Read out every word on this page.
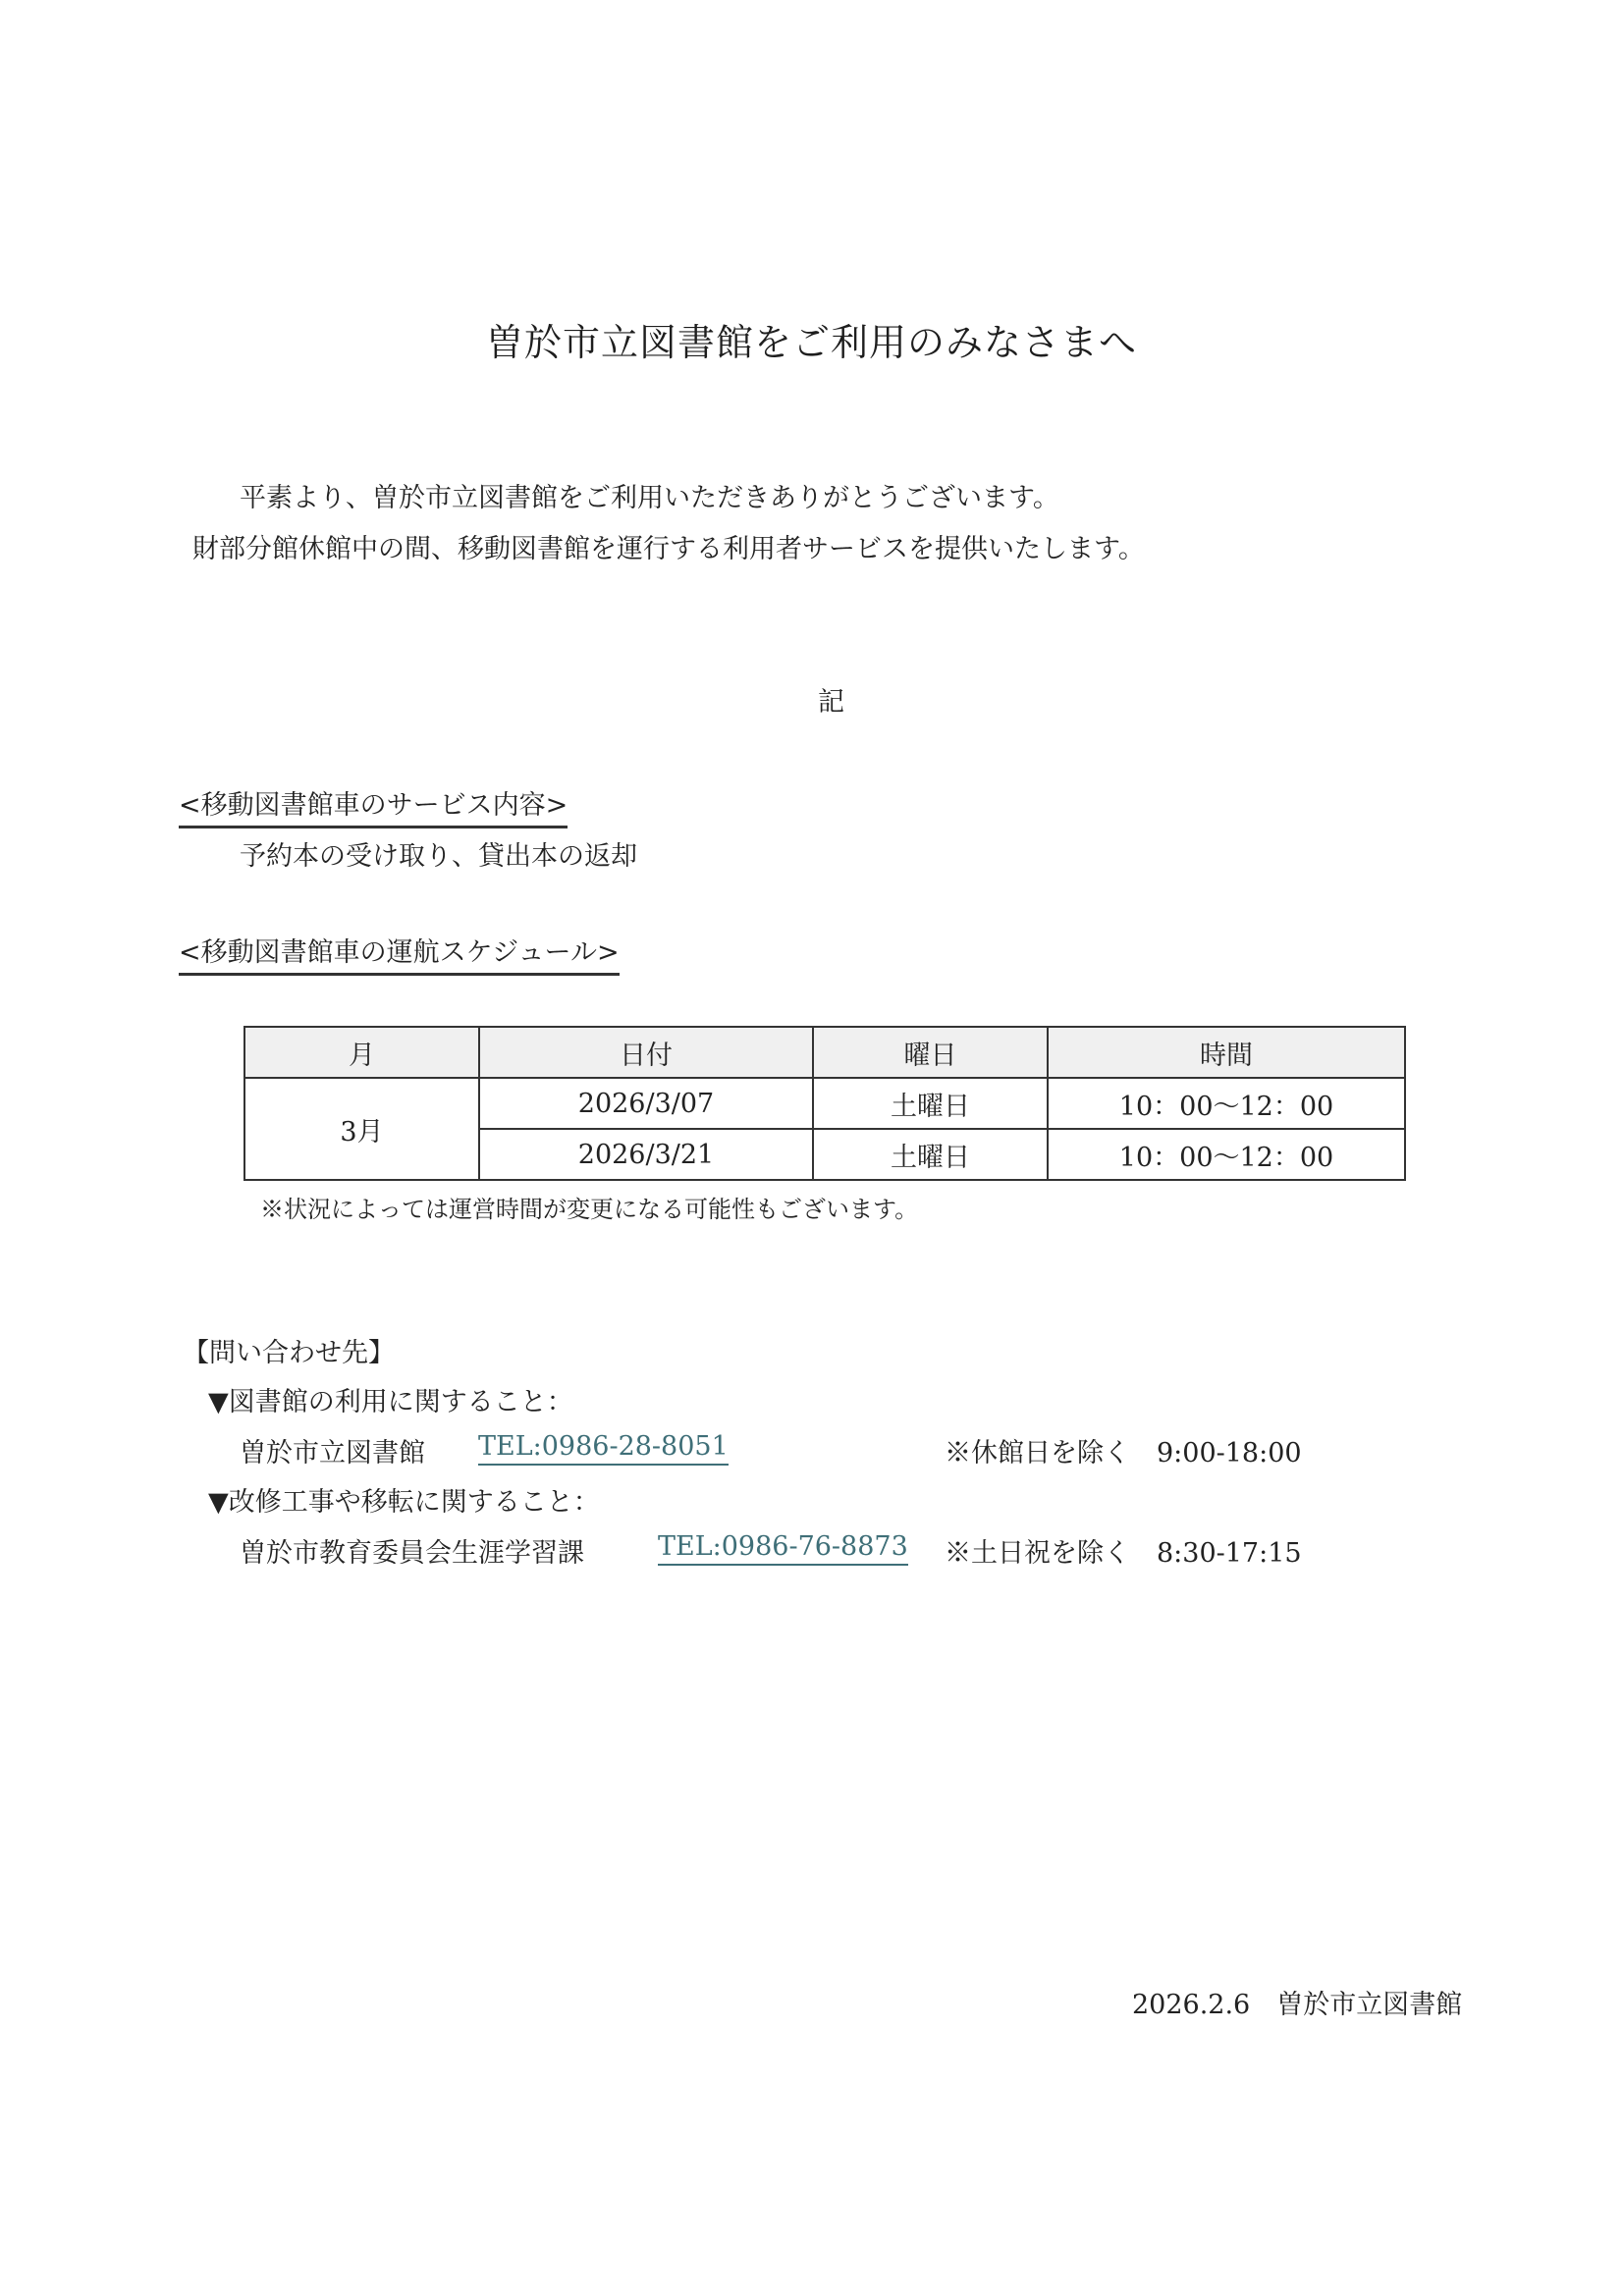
曽於市立図書館をご利用のみなさまへ
平素より、曽於市立図書館をご利用いただきありがとうございます。
財部分館休館中の間、移動図書館を運行する利用者サービスを提供いたします。
記
<移動図書館車のサービス内容>
予約本の受け取り、貸出本の返却
<移動図書館車の運航スケジュール>
月	日付	曜日	時間
3月	2026/3/07	土曜日	10：00〜12：00
	2026/3/21	土曜日	10：00〜12：00
※状況によっては運営時間が変更になる可能性もございます。
【問い合わせ先】
▼図書館の利用に関すること：
曽於市立図書館 TEL:0986-28-8051	※休館日を除く　9:00-18:00
▼改修工事や移転に関すること：
曽於市教育委員会生涯学習課	TEL:0986-76-8873 ※土日祝を除く　8:30-17:15
2026.2.6　曽於市立図書館
